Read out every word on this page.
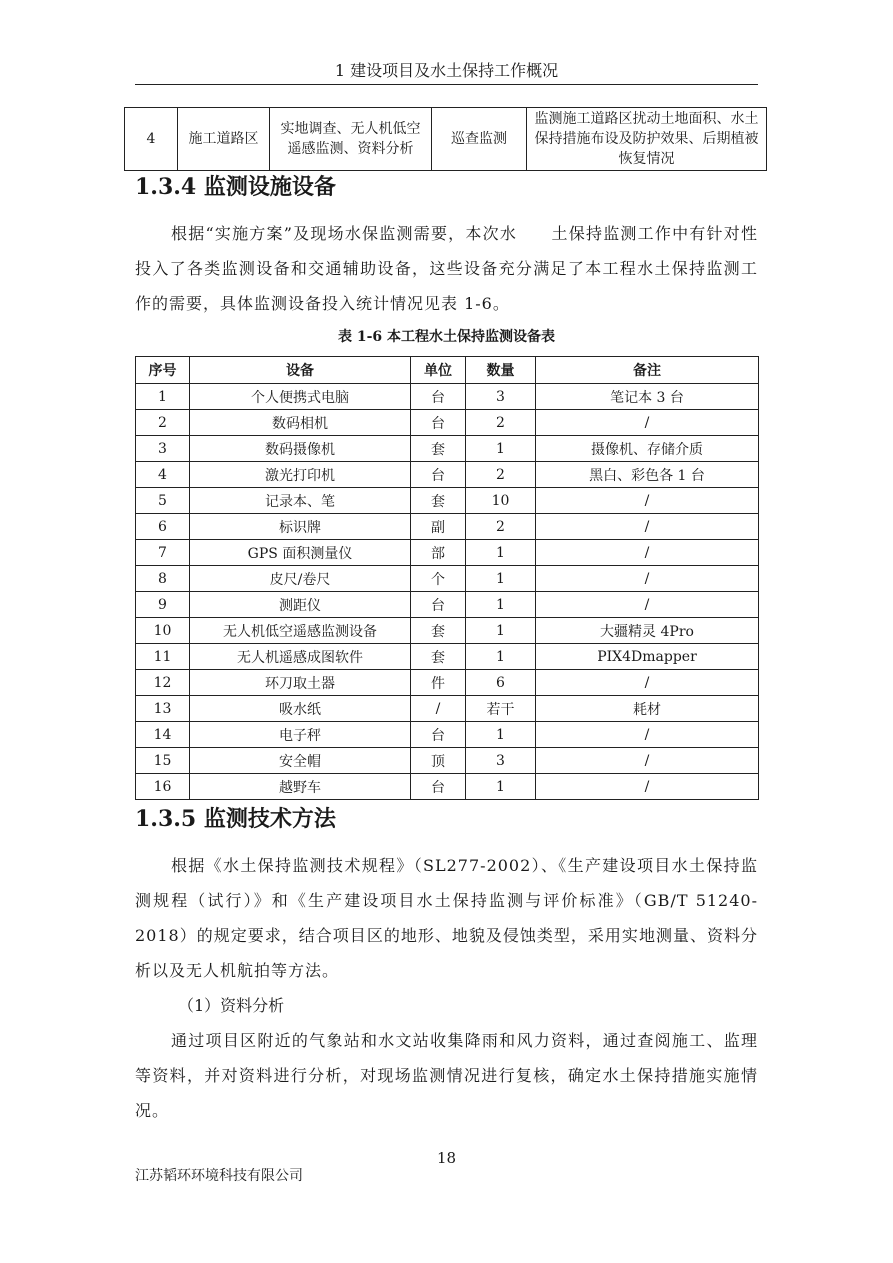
1 建设项目及水土保持工作概况
4	施工道路区	实地调查、无人机低空遥感监测、资料分析	巡查监测	监测施工道路区扰动土地面积、水土保持措施布设及防护效果、后期植被恢复情况
1.3.4 监测设施设备

根据“实施方案”及现场水保监测需要，本次水　　土保持监测工作中有针对性投入了各类监测设备和交通辅助设备，这些设备充分满足了本工程水土保持监测工作的需要，具体监测设备投入统计情况见表 1-6。

表 1-6 本工程水土保持监测设备表
序号	设备	单位	数量	备注
1	个人便携式电脑	台	3	笔记本 3 台
2	数码相机	台	2	/
3	数码摄像机	套	1	摄像机、存储介质
4	激光打印机	台	2	黑白、彩色各 1 台
5	记录本、笔	套	10	/
6	标识牌	副	2	/
7	GPS 面积测量仪	部	1	/
8	皮尺/卷尺	个	1	/
9	测距仪	台	1	/
10	无人机低空遥感监测设备	套	1	大疆精灵 4Pro
11	无人机遥感成图软件	套	1	PIX4Dmapper
12	环刀取土器	件	6	/
13	吸水纸	/	若干	耗材
14	电子秤	台	1	/
15	安全帽	顶	3	/
16	越野车	台	1	/
1.3.5 监测技术方法

根据《水土保持监测技术规程》（SL277-2002）、《生产建设项目水土保持监测规程（试行）》和《生产建设项目水土保持监测与评价标准》（GB/T 51240-2018）的规定要求，结合项目区的地形、地貌及侵蚀类型，采用实地测量、资料分析以及无人机航拍等方法。

（1）资料分析

通过项目区附近的气象站和水文站收集降雨和风力资料，通过查阅施工、监理等资料，并对资料进行分析，对现场监测情况进行复核，确定水土保持措施实施情况。

18
江苏韬环环境科技有限公司
